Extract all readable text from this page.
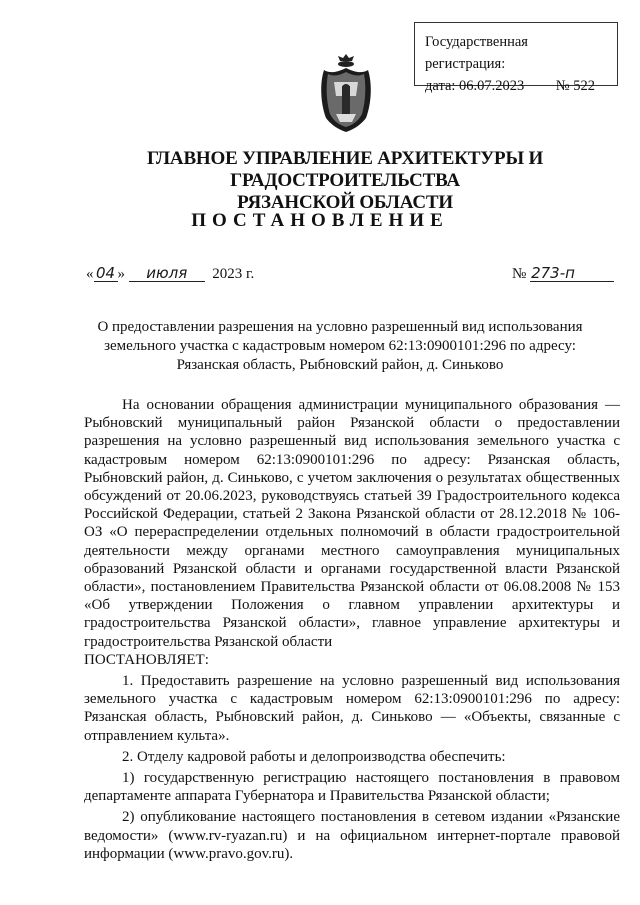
Государственная регистрация:
дата: 06.07.2023 № 522
ГЛАВНОЕ УПРАВЛЕНИЕ АРХИТЕКТУРЫ И ГРАДОСТРОИТЕЛЬСТВА
РЯЗАНСКОЙ ОБЛАСТИ
ПОСТАНОВЛЕНИЕ
« 04 » июля 2023 г.	№ 273-п
О предоставлении разрешения на условно разрешенный вид использования
земельного участка с кадастровым номером 62:13:0900101:296 по адресу:
Рязанская область, Рыбновский район, д. Синьково

На основании обращения администрации муниципального образования — Рыбновский муниципальный район Рязанской области о предоставлении разрешения на условно разрешенный вид использования земельного участка с кадастровым номером 62:13:0900101:296 по адресу: Рязанская область, Рыбновский район, д. Синьково, с учетом заключения о результатах общественных обсуждений от 20.06.2023, руководствуясь статьей 39 Градостроительного кодекса Российской Федерации, статьей 2 Закона Рязанской области от 28.12.2018 № 106-ОЗ «О перераспределении отдельных полномочий в области градостроительной деятельности между органами местного самоуправления муниципальных образований Рязанской области и органами государственной власти Рязанской области», постановлением Правительства Рязанской области от 06.08.2008 № 153 «Об утверждении Положения о главном управлении архитектуры и градостроительства Рязанской области», главное управление архитектуры и градостроительства Рязанской области

ПОСТАНОВЛЯЕТ:

1. Предоставить разрешение на условно разрешенный вид использования земельного участка с кадастровым номером 62:13:0900101:296 по адресу: Рязанская область, Рыбновский район, д. Синьково — «Объекты, связанные с отправлением культа».

2. Отделу кадровой работы и делопроизводства обеспечить:

1) государственную регистрацию настоящего постановления в правовом департаменте аппарата Губернатора и Правительства Рязанской области;

2) опубликование настоящего постановления в сетевом издании «Рязанские ведомости» (www.rv-ryazan.ru) и на официальном интернет-портале правовой информации (www.pravo.gov.ru).
